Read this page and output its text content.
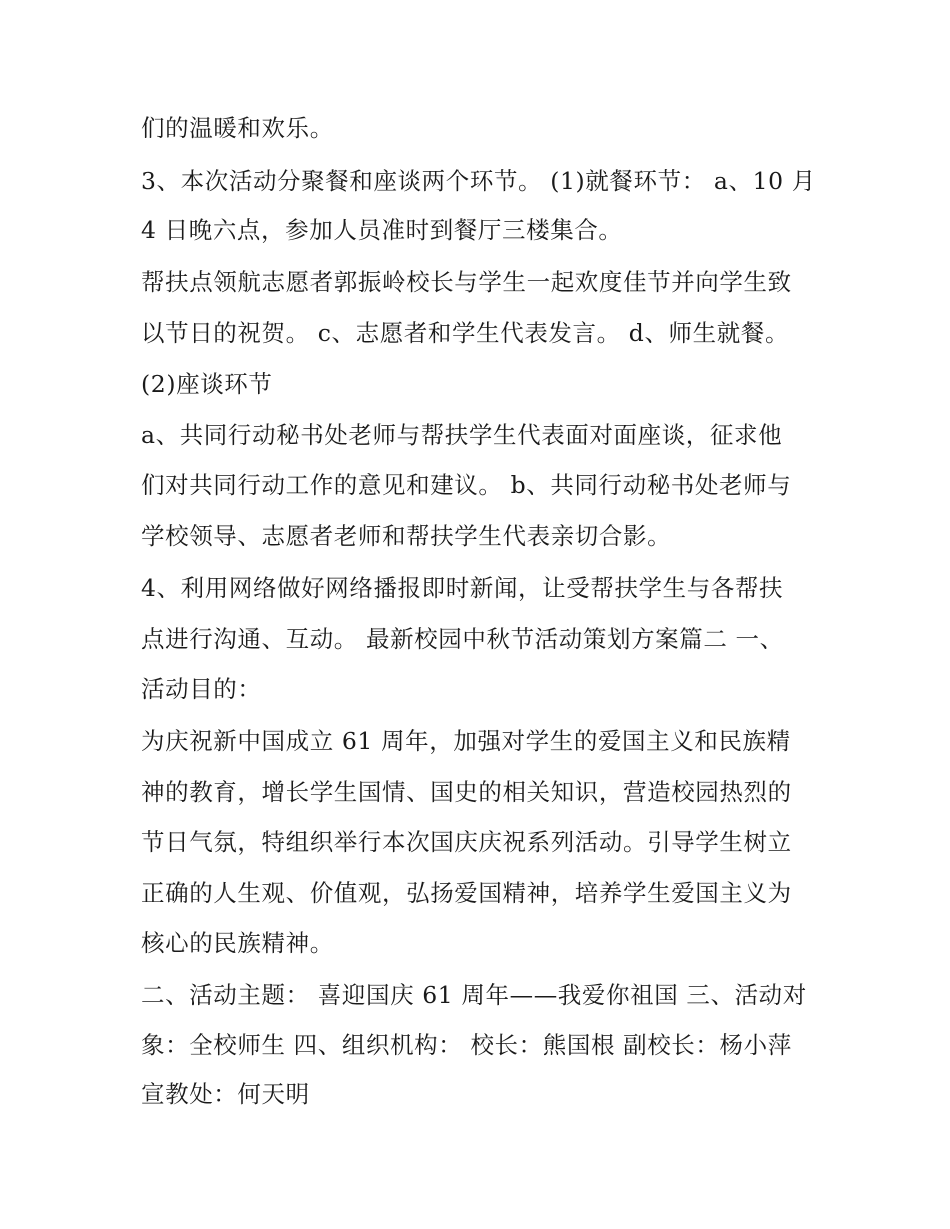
们的温暖和欢乐。
3、本次活动分聚餐和座谈两个环节。 (1)就餐环节： a、10 月
4 日晚六点，参加人员准时到餐厅三楼集合。
帮扶点领航志愿者郭振岭校长与学生一起欢度佳节并向学生致
以节日的祝贺。 c、志愿者和学生代表发言。 d、师生就餐。
(2)座谈环节
a、共同行动秘书处老师与帮扶学生代表面对面座谈，征求他
们对共同行动工作的意见和建议。 b、共同行动秘书处老师与
学校领导、志愿者老师和帮扶学生代表亲切合影。
4、利用网络做好网络播报即时新闻，让受帮扶学生与各帮扶
点进行沟通、互动。 最新校园中秋节活动策划方案篇二 一、
活动目的：
为庆祝新中国成立 61 周年，加强对学生的爱国主义和民族精
神的教育，增长学生国情、国史的相关知识，营造校园热烈的
节日气氛，特组织举行本次国庆庆祝系列活动。引导学生树立
正确的人生观、价值观，弘扬爱国精神，培养学生爱国主义为
核心的民族精神。
二、活动主题： 喜迎国庆 61 周年——我爱你祖国 三、活动对
象：全校师生 四、组织机构： 校长：熊国根 副校长：杨小萍
宣教处：何天明
